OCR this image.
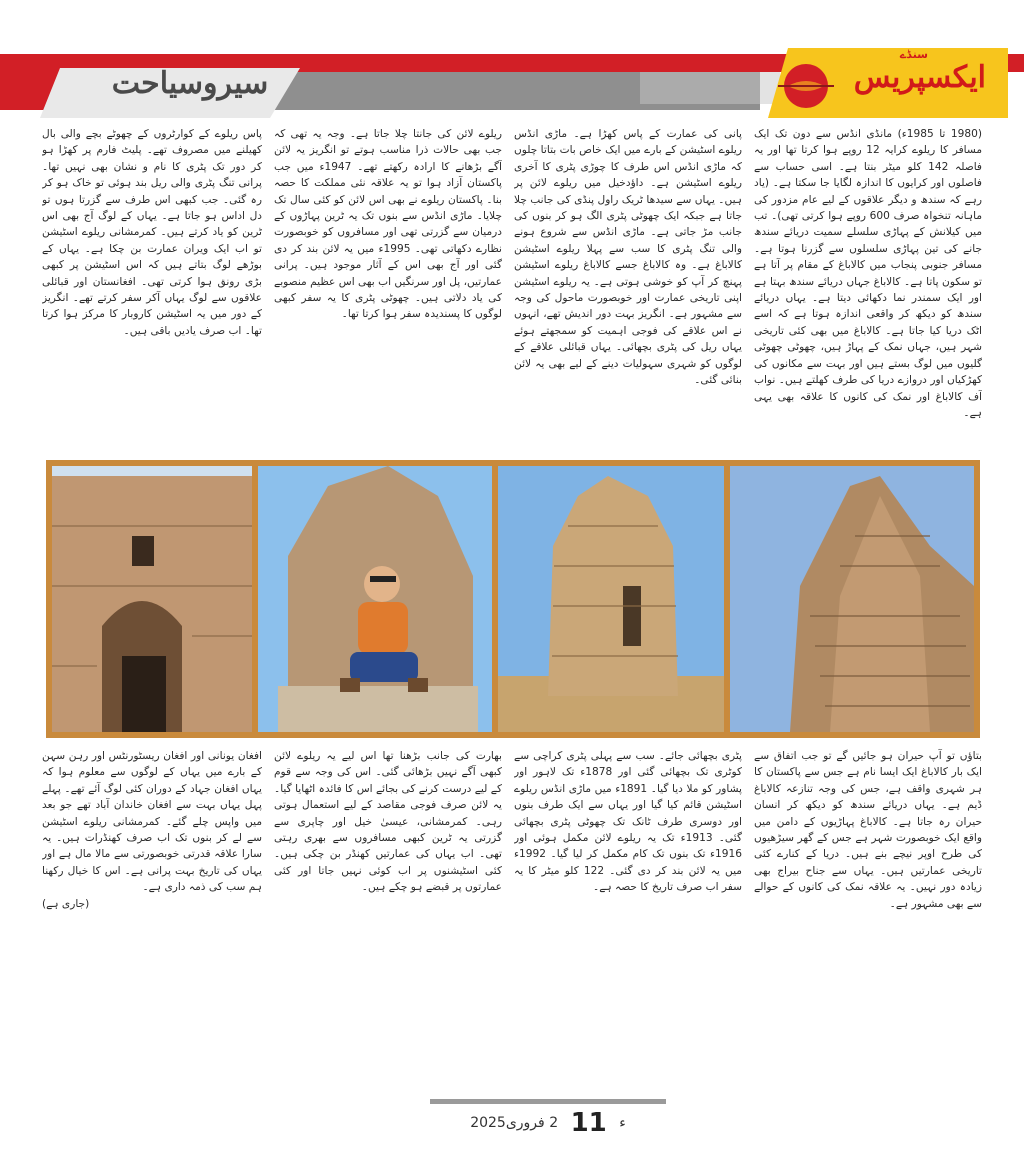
سنڈے
ایکسپریس
سیروسیاحت

(1980 تا 1985ء) مانڈی انڈس سے دون تک ایک مسافر کا ریلوے کرایہ 12 روپے ہوا کرتا تھا اور یہ فاصلہ 142 کلو میٹر بنتا ہے۔ اسی حساب سے فاصلوں اور کرایوں کا اندازہ لگایا جا سکتا ہے۔ (یاد رہے کہ سندھ و دیگر علاقوں کے لیے عام مزدور کی ماہانہ تنخواہ صرف 600 روپے ہوا کرتی تھی)۔ تب میں کیلانش کے پہاڑی سلسلے سمیت دریائے سندھ جانے کی تین پہاڑی سلسلوں سے گزرنا ہوتا ہے۔ مسافر جنوبی پنجاب میں کالاباغ کے مقام پر آتا ہے تو سکون پاتا ہے۔ کالاباغ جہاں دریائے سندھ بہتا ہے اور ایک سمندر نما دکھائی دیتا ہے۔ یہاں دریائے سندھ کو دیکھ کر واقعی اندازہ ہوتا ہے کہ اسے اٹک دریا کیا جاتا ہے۔ کالاباغ میں بھی کئی تاریخی شہر ہیں، جہاں نمک کے پہاڑ ہیں، چھوٹی چھوٹی گلیوں میں لوگ بستے ہیں اور بہت سے مکانوں کی کھڑکیاں اور دروازے دریا کی طرف کھلتے ہیں۔ نواب آف کالاباغ اور نمک کی کانوں کا علاقہ بھی یہی ہے۔

پانی کی عمارت کے پاس کھڑا ہے۔ ماڑی انڈس ریلوے اسٹیشن کے بارے میں ایک خاص بات بتاتا چلوں کہ ماڑی انڈس اس طرف کا چوڑی پٹری کا آخری ریلوے اسٹیشن ہے۔ داؤدخیل میں ریلوے لائن پر ہیں۔ یہاں سے سیدھا ٹریک راول پنڈی کی جانب چلا جاتا ہے جبکہ ایک چھوٹی پٹری الگ ہو کر بنوں کی جانب مڑ جاتی ہے۔ ماڑی انڈس سے شروع ہونے والی تنگ پٹری کا سب سے پہلا ریلوے اسٹیشن کالاباغ ہے۔ وہ کالاباغ جسے کالاباغ ریلوے اسٹیشن پہنچ کر آپ کو خوشی ہوتی ہے۔ یہ ریلوے اسٹیشن اپنی تاریخی عمارت اور خوبصورت ماحول کی وجہ سے مشہور ہے۔ انگریز بہت دور اندیش تھے، انہوں نے اس علاقے کی فوجی اہمیت کو سمجھتے ہوئے یہاں ریل کی پٹری بچھائی۔ یہاں قبائلی علاقے کے لوگوں کو شہری سہولیات دینے کے لیے بھی یہ لائن بنائی گئی۔

ریلوے لائن کی جانتا چلا جاتا ہے۔ وجہ یہ تھی کہ جب بھی حالات ذرا مناسب ہوتے تو انگریز یہ لائن آگے بڑھانے کا ارادہ رکھتے تھے۔ 1947ء میں جب پاکستان آزاد ہوا تو یہ علاقہ نئی مملکت کا حصہ بنا۔ پاکستان ریلوے نے بھی اس لائن کو کئی سال تک چلایا۔ ماڑی انڈس سے بنوں تک یہ ٹرین پہاڑوں کے درمیان سے گزرتی تھی اور مسافروں کو خوبصورت نظارے دکھاتی تھی۔ 1995ء میں یہ لائن بند کر دی گئی اور آج بھی اس کے آثار موجود ہیں۔ پرانی عمارتیں، پل اور سرنگیں اب بھی اس عظیم منصوبے کی یاد دلاتی ہیں۔ چھوٹی پٹری کا یہ سفر کبھی لوگوں کا پسندیدہ سفر ہوا کرتا تھا۔

پاس ریلوے کے کوارٹروں کے چھوٹے بچے والی بال کھیلنے میں مصروف تھے۔ پلیٹ فارم پر کھڑا ہو کر دور تک پٹری کا نام و نشان بھی نہیں تھا۔ پرانی تنگ پٹری والی ریل بند ہوئی تو خاک ہو کر رہ گئی۔ جب کبھی اس طرف سے گزرتا ہوں تو دل اداس ہو جاتا ہے۔ یہاں کے لوگ آج بھی اس ٹرین کو یاد کرتے ہیں۔ کمرمشانی ریلوے اسٹیشن تو اب ایک ویران عمارت بن چکا ہے۔ یہاں کے بوڑھے لوگ بتاتے ہیں کہ اس اسٹیشن پر کبھی بڑی رونق ہوا کرتی تھی۔ افغانستان اور قبائلی علاقوں سے لوگ یہاں آکر سفر کرتے تھے۔ انگریز کے دور میں یہ اسٹیشن کاروبار کا مرکز ہوا کرتا تھا۔ اب صرف یادیں باقی ہیں۔

بتاؤں تو آپ حیران ہو جائیں گے تو جب اتفاق سے ایک بار کالاباغ ایک ایسا نام ہے جس سے پاکستان کا ہر شہری واقف ہے، جس کی وجہ تنازعہ کالاباغ ڈیم ہے۔ یہاں دریائے سندھ کو دیکھ کر انسان حیران رہ جاتا ہے۔ کالاباغ پہاڑیوں کے دامن میں واقع ایک خوبصورت شہر ہے جس کے گھر سیڑھیوں کی طرح اوپر نیچے بنے ہیں۔ دریا کے کنارے کئی تاریخی عمارتیں ہیں۔ یہاں سے جناح بیراج بھی زیادہ دور نہیں۔ یہ علاقہ نمک کی کانوں کے حوالے سے بھی مشہور ہے۔

پٹری بچھائی جائے۔ سب سے پہلی پٹری کراچی سے کوٹری تک بچھائی گئی اور 1878ء تک لاہور اور پشاور کو ملا دیا گیا۔ 1891ء میں ماڑی انڈس ریلوے اسٹیشن قائم کیا گیا اور یہاں سے ایک طرف بنوں اور دوسری طرف ٹانک تک چھوٹی پٹری بچھائی گئی۔ 1913ء تک یہ ریلوے لائن مکمل ہوئی اور 1916ء تک بنوں تک کام مکمل کر لیا گیا۔ 1992ء میں یہ لائن بند کر دی گئی۔ 122 کلو میٹر کا یہ سفر اب صرف تاریخ کا حصہ ہے۔

بھارت کی جانب بڑھنا تھا اس لیے یہ ریلوے لائن کبھی آگے نہیں بڑھائی گئی۔ اس کی وجہ سے قوم کے لیے درست کرنے کی بجائے اس کا فائدہ اٹھایا گیا۔ یہ لائن صرف فوجی مقاصد کے لیے استعمال ہوتی رہی۔ کمرمشانی، عیسیٰ خیل اور چاپری سے گزرتی یہ ٹرین کبھی مسافروں سے بھری رہتی تھی۔ اب یہاں کی عمارتیں کھنڈر بن چکی ہیں۔ کئی اسٹیشنوں پر اب کوئی نہیں جاتا اور کئی عمارتوں پر قبضے ہو چکے ہیں۔

افغان یونانی اور افغان ریسٹورنٹس اور رہن سہن کے بارے میں یہاں کے لوگوں سے معلوم ہوا کہ یہاں افغان جہاد کے دوران کئی لوگ آئے تھے۔ پہلے پہل یہاں بہت سے افغان خاندان آباد تھے جو بعد میں واپس چلے گئے۔ کمرمشانی ریلوے اسٹیشن سے لے کر بنوں تک اب صرف کھنڈرات ہیں۔ یہ سارا علاقہ قدرتی خوبصورتی سے مالا مال ہے اور یہاں کی تاریخ بہت پرانی ہے۔ اس کا خیال رکھنا ہم سب کی ذمہ داری ہے۔

(جاری ہے)

2025ء 11 2 فروری
